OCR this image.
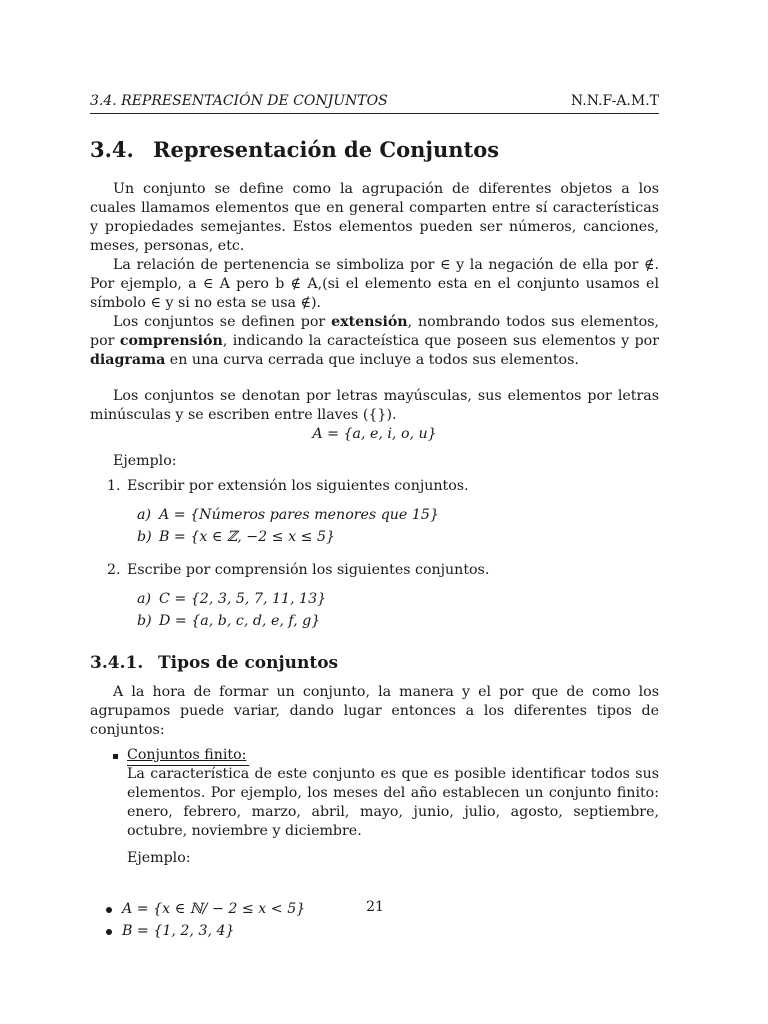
3.4. REPRESENTACIÓN DE CONJUNTOS	N.N.F-A.M.T
3.4. Representación de Conjuntos

Un conjunto se define como la agrupación de diferentes objetos a los cuales llamamos elementos que en general comparten entre sí características y propiedades semejantes. Estos elementos pueden ser números, canciones, meses, personas, etc.

La relación de pertenencia se simboliza por ∈ y la negación de ella por ∉. Por ejemplo, a ∈ A pero b ∉ A,(si el elemento esta en el conjunto usamos el símbolo ∈ y si no esta se usa ∉).

Los conjuntos se definen por extensión, nombrando todos sus elementos, por comprensión, indicando la caracteística que poseen sus elementos y por diagrama en una curva cerrada que incluye a todos sus elementos.

Los conjuntos se denotan por letras mayúsculas, sus elementos por letras minúsculas y se escriben entre llaves ({}).

A = {a, e, i, o, u}

Ejemplo:

1. Escribir por extensión los siguientes conjuntos.
a) A = {Números pares menores que 15}
b) B = {x ∈ ℤ, −2 ≤ x ≤ 5}
2. Escribe por comprensión los siguientes conjuntos.
a) C = {2, 3, 5, 7, 11, 13}
b) D = {a, b, c, d, e, f, g}
3.4.1. Tipos de conjuntos

A la hora de formar un conjunto, la manera y el por que de como los agrupamos puede variar, dando lugar entonces a los diferentes tipos de conjuntos:

Conjuntos finito:
La característica de este conjunto es que es posible identificar todos sus elementos. Por ejemplo, los meses del año establecen un conjunto finito: enero, febrero, marzo, abril, mayo, junio, julio, agosto, septiembre, octubre, noviembre y diciembre.

Ejemplo:

A = {x ∈ ℕ/ − 2 ≤ x < 5}
B = {1, 2, 3, 4}
21
